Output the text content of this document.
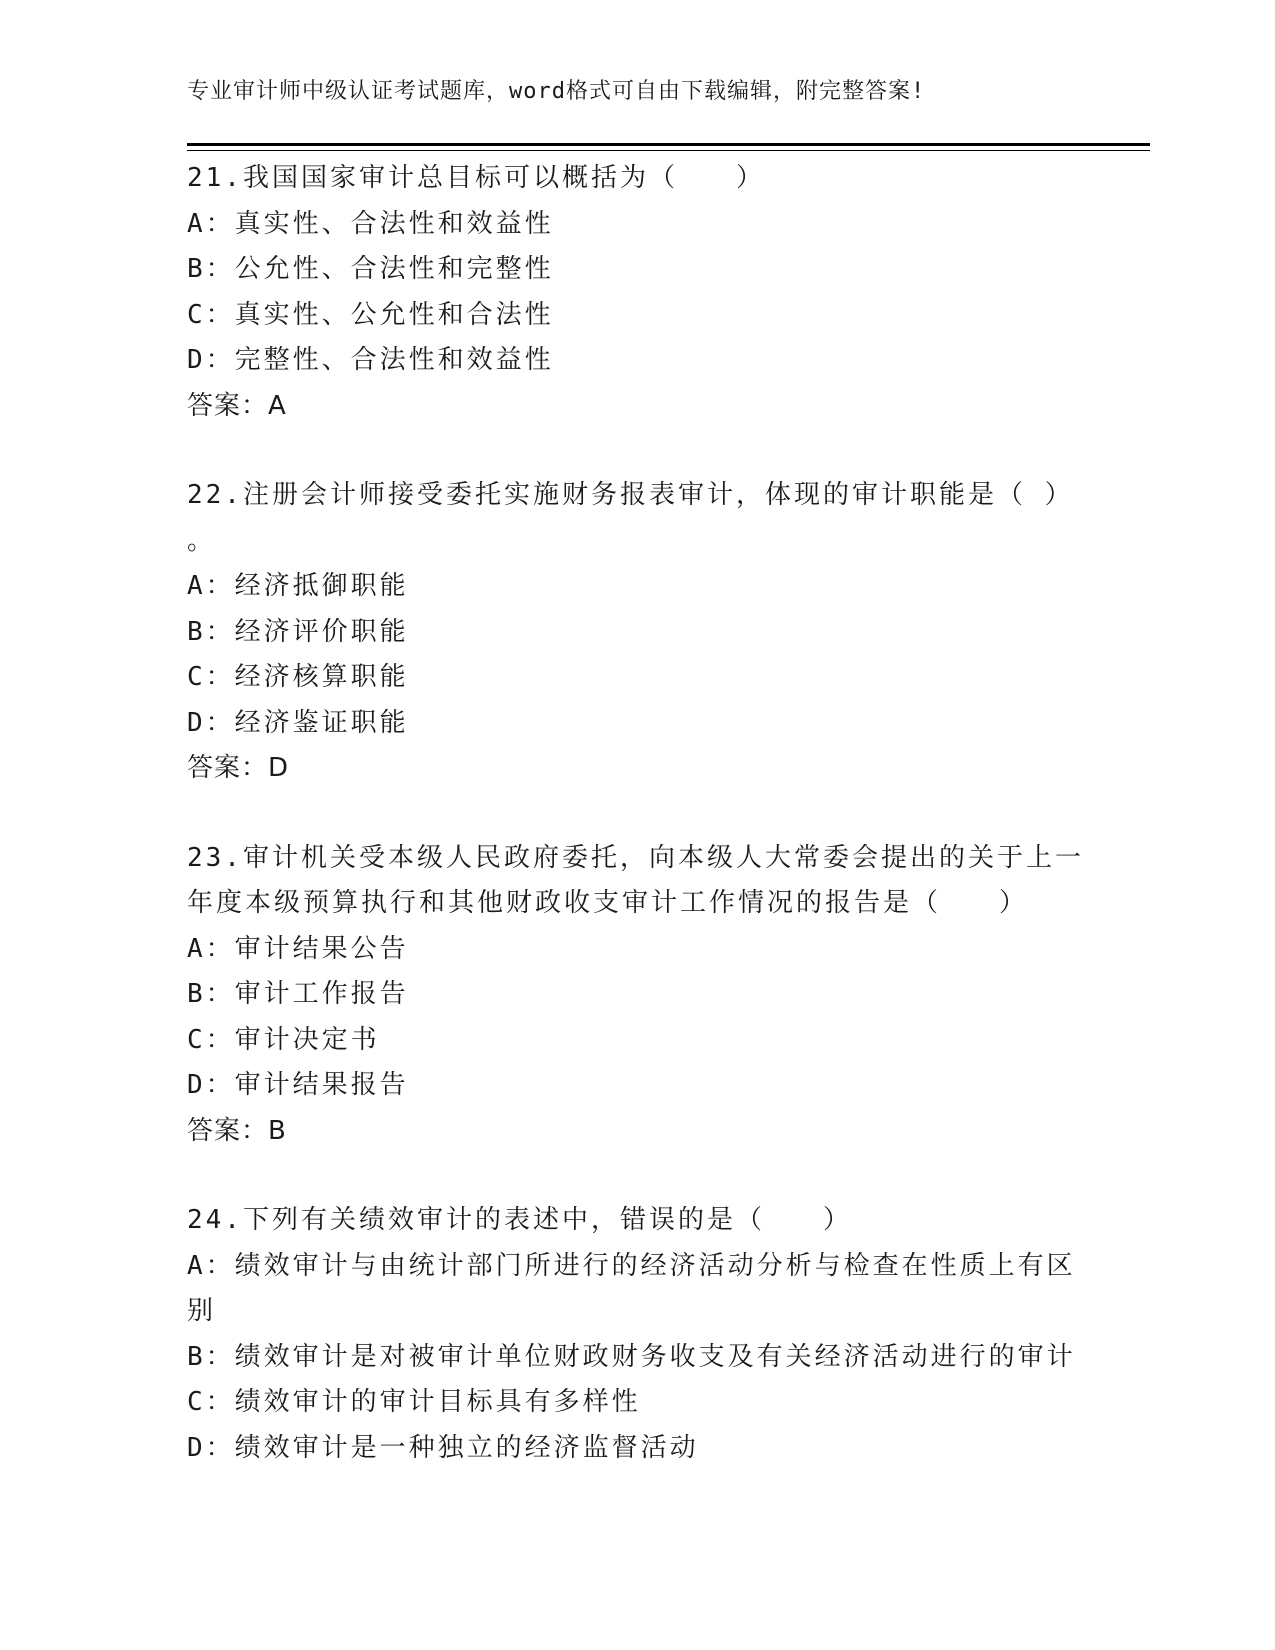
专业审计师中级认证考试题库，word格式可自由下载编辑，附完整答案!
21.我国国家审计总目标可以概括为（　　）
A：真实性、合法性和效益性
B：公允性、合法性和完整性
C：真实性、公允性和合法性
D：完整性、合法性和效益性
答案：A
22.注册会计师接受委托实施财务报表审计，体现的审计职能是（ ）
。
A：经济抵御职能
B：经济评价职能
C：经济核算职能
D：经济鉴证职能
答案：D
23.审计机关受本级人民政府委托，向本级人大常委会提出的关于上一
年度本级预算执行和其他财政收支审计工作情况的报告是（　　）
A：审计结果公告
B：审计工作报告
C：审计决定书
D：审计结果报告
答案：B
24.下列有关绩效审计的表述中，错误的是（　　）
A：绩效审计与由统计部门所进行的经济活动分析与检查在性质上有区
别
B：绩效审计是对被审计单位财政财务收支及有关经济活动进行的审计
C：绩效审计的审计目标具有多样性
D：绩效审计是一种独立的经济监督活动
